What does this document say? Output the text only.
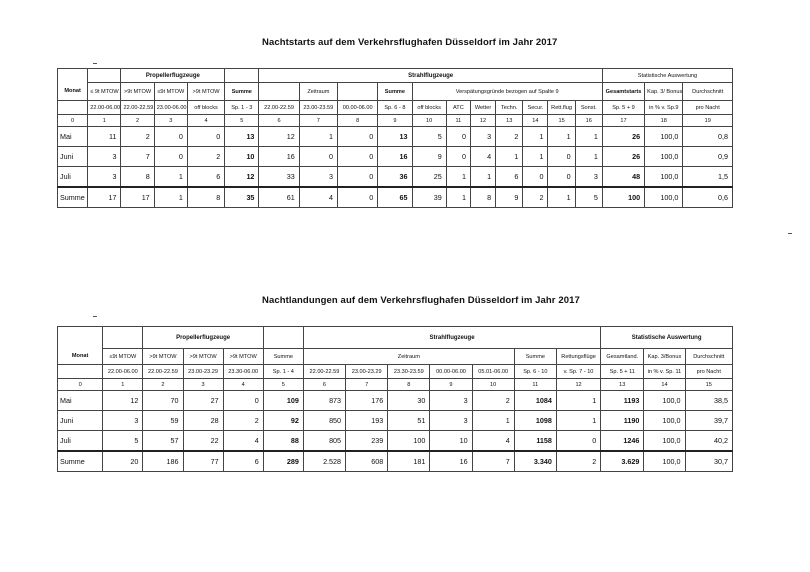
Nachtstarts auf dem Verkehrsflughafen Düsseldorf im Jahr 2017
		Propellerflugzeuge				Strahlflugzeuge											Statistische Auswertung		
Monat	≤ 9t MTOW	>9t MTOW	≤9t MTOW	>9t MTOW	Summe		Zeitraum		Summe	Verspätungsgründe bezogen auf Spalte 9							Gesamtstarts	Kap. 3/ Bonus	Durchschnitt
	22.00-06.00	22.00-22.59	23.00-06.00	off blocks	Sp. 1 - 3	22.00-22.59	23.00-23.59	00.00-06.00	Sp. 6 - 8	off blocks	ATC	Wetter	Techn.	Secur.	Rett.flug	Sonst.	Sp. 5 + 9	in % v. Sp.9	pro Nacht
0	1	2	3	4	5	6	7	8	9	10	11	12	13	14	15	16	17	18	19
Mai	11	2	0	0	13	12	1	0	13	5	0	3	2	1	1	1	26	100,0	0,8
Juni	3	7	0	2	10	16	0	0	16	9	0	4	1	1	0	1	26	100,0	0,9
Juli	3	8	1	6	12	33	3	0	36	25	1	1	6	0	0	3	48	100,0	1,5
Summe	17	17	1	8	35	61	4	0	65	39	1	8	9	2	1	5	100	100,0	0,6
Nachtlandungen auf dem Verkehrsflughafen Düsseldorf im Jahr 2017
		Propellerflugzeuge				Strahlflugzeuge							Statistische Auswertung		
Monat	≤9t MTOW	>9t MTOW	>9t MTOW	>9t MTOW	Summe	Zeitraum					Summe	Rettungsflüge	Gesamtland.	Kap. 3/Bonus	Durchschnitt
	22.00-06.00	22.00-22.59	23.00-23.29	23.30-06.00	Sp. 1 - 4	22.00-22.59	23.00-23.29	23.30-23.59	00.00-06.00	05.01-06.00	Sp. 6 - 10	v. Sp. 7 - 10	Sp. 5 + 11	in % v. Sp. 11	pro Nacht
0	1	2	3	4	5	6	7	8	9	10	11	12	13	14	15
Mai	12	70	27	0	109	873	176	30	3	2	1084	1	1193	100,0	38,5
Juni	3	59	28	2	92	850	193	51	3	1	1098	1	1190	100,0	39,7
Juli	5	57	22	4	88	805	239	100	10	4	1158	0	1246	100,0	40,2
Summe	20	186	77	6	289	2.528	608	181	16	7	3.340	2	3.629	100,0	30,7
